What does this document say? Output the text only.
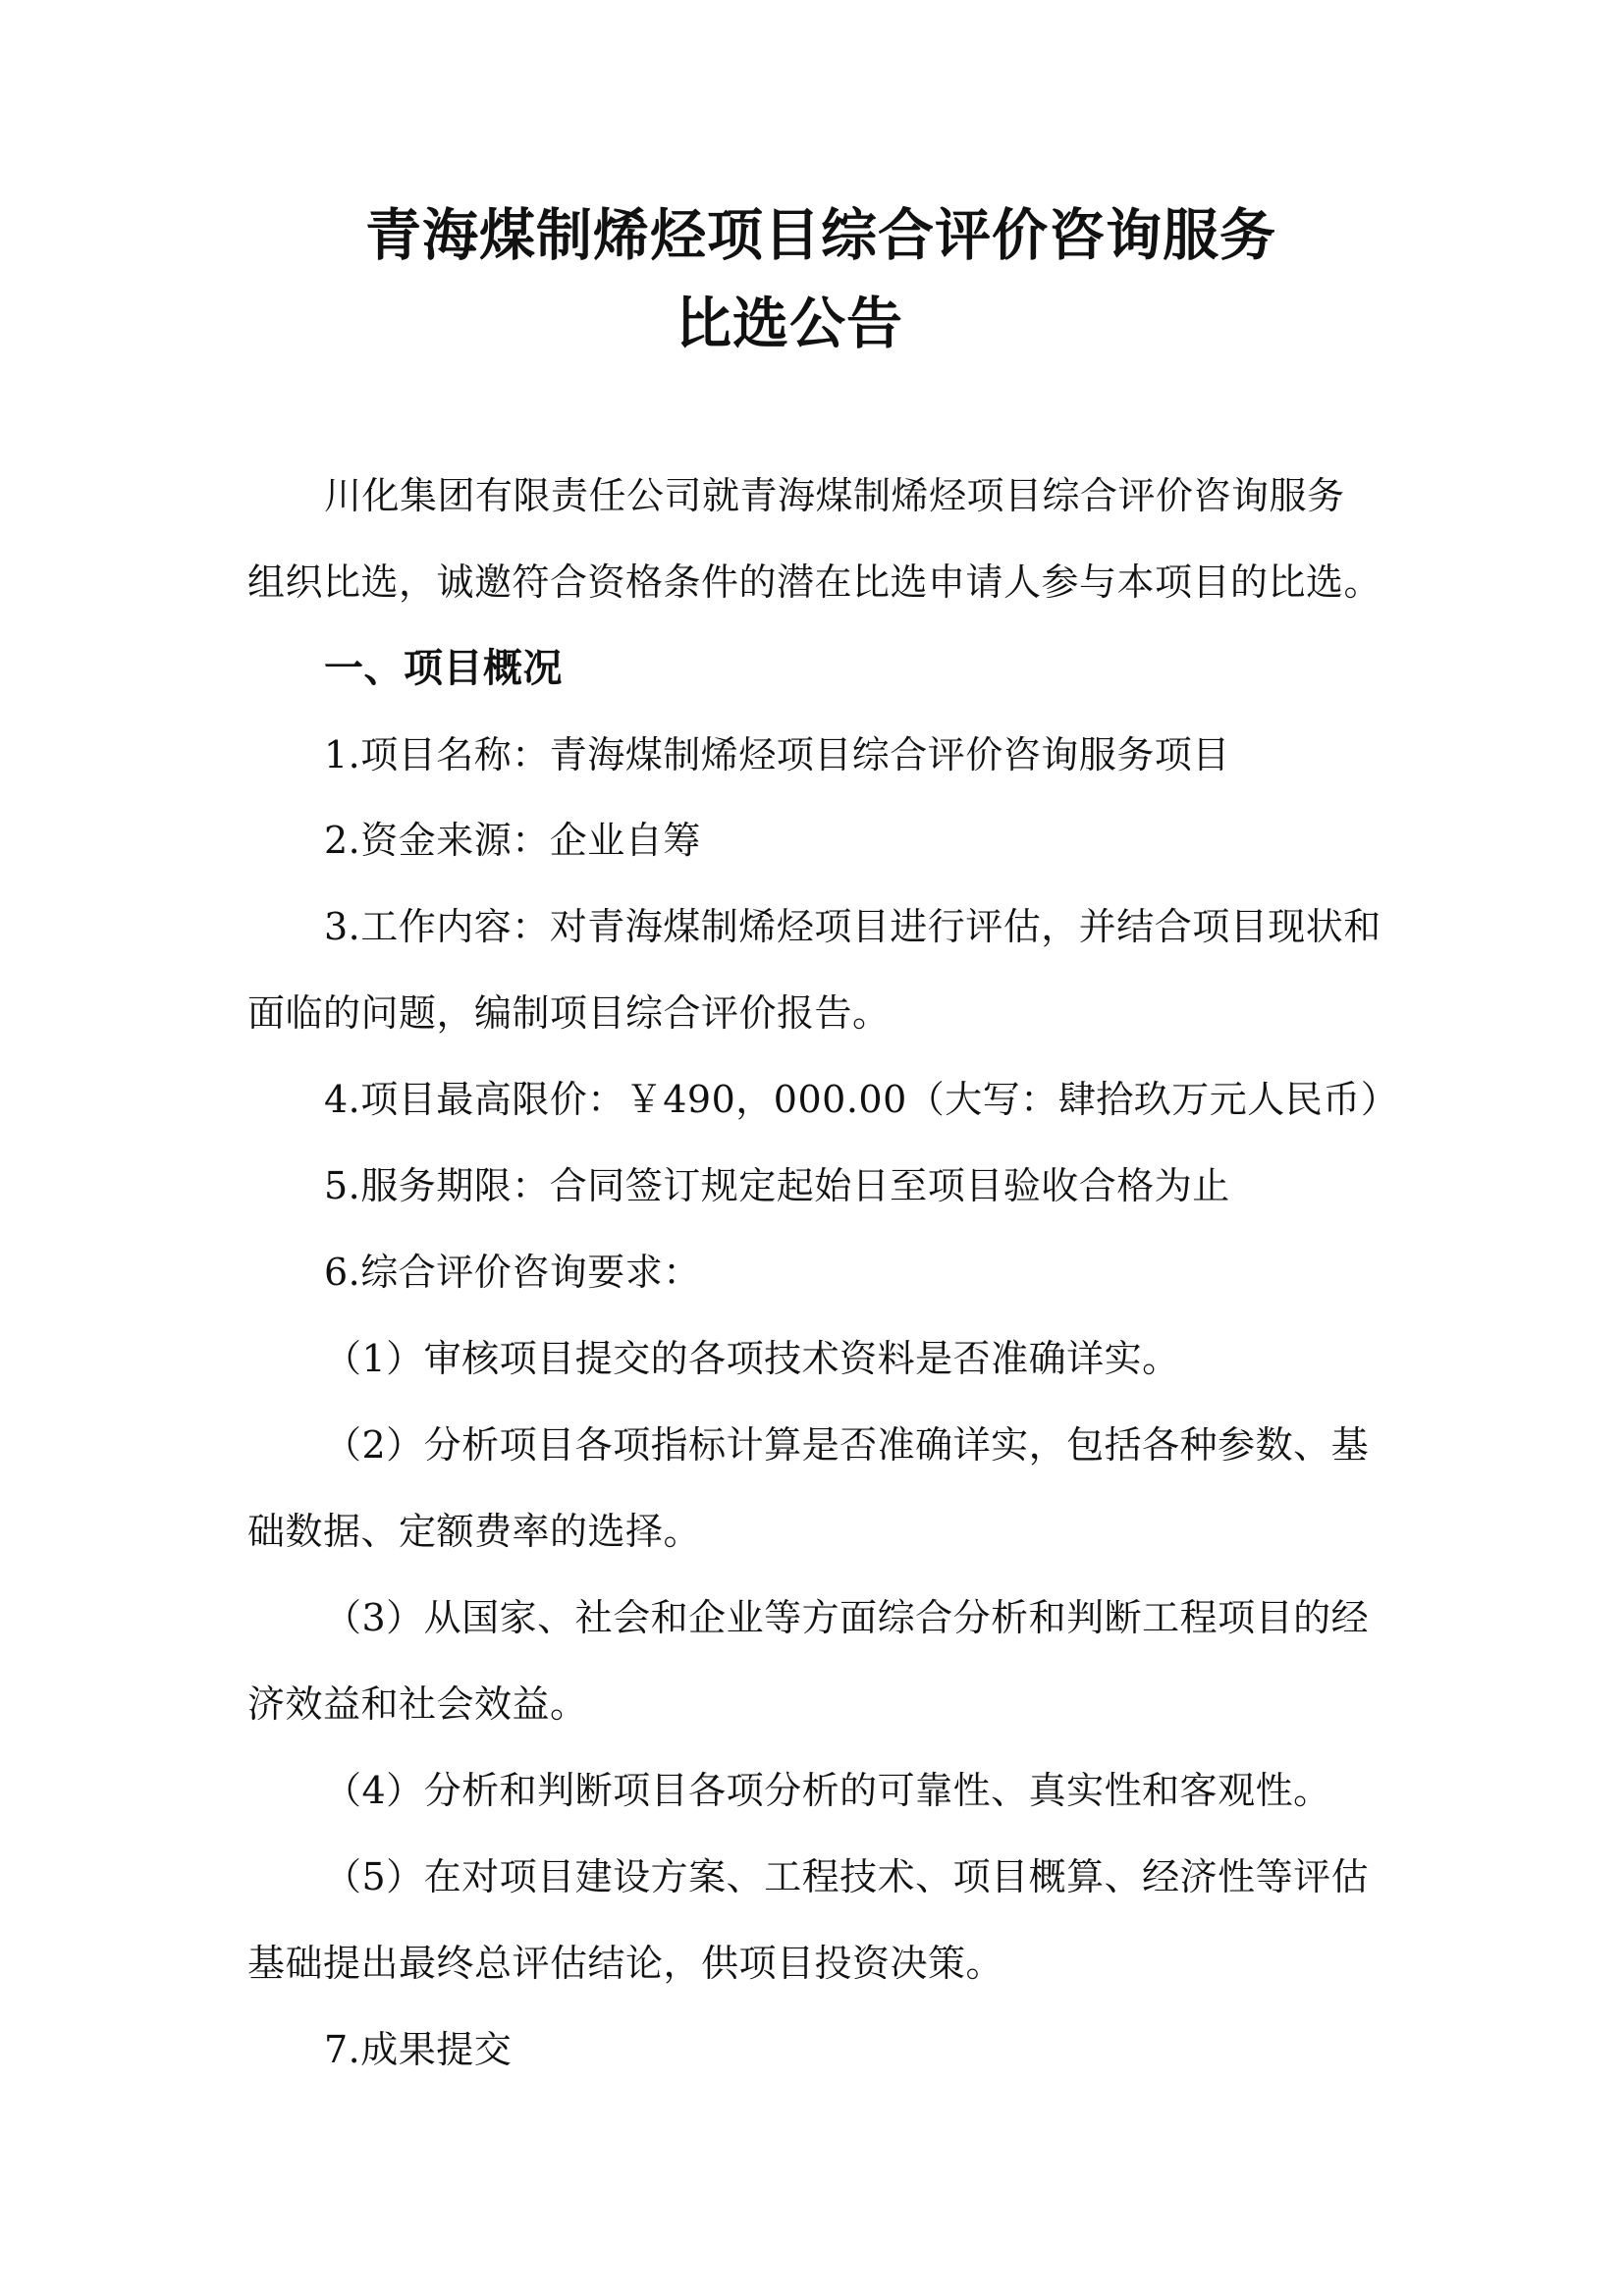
青海煤制烯烃项目综合评价咨询服务
比选公告
川化集团有限责任公司就青海煤制烯烃项目综合评价咨询服务
组织比选，诚邀符合资格条件的潜在比选申请人参与本项目的比选。
一、项目概况
1.项目名称：青海煤制烯烃项目综合评价咨询服务项目
2.资金来源：企业自筹
3.工作内容：对青海煤制烯烃项目进行评估，并结合项目现状和
面临的问题，编制项目综合评价报告。
4.项目最高限价：￥490，000.00（大写：肆拾玖万元人民币）
5.服务期限：合同签订规定起始日至项目验收合格为止
6.综合评价咨询要求：
（1）审核项目提交的各项技术资料是否准确详实。
（2）分析项目各项指标计算是否准确详实，包括各种参数、基
础数据、定额费率的选择。
（3）从国家、社会和企业等方面综合分析和判断工程项目的经
济效益和社会效益。
（4）分析和判断项目各项分析的可靠性、真实性和客观性。
（5）在对项目建设方案、工程技术、项目概算、经济性等评估
基础提出最终总评估结论，供项目投资决策。
7.成果提交
